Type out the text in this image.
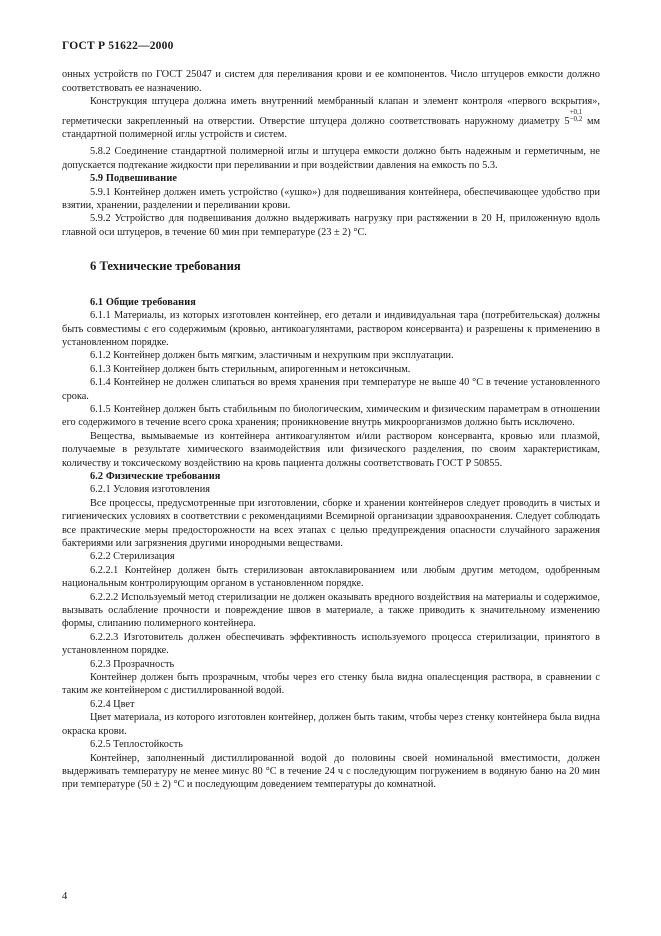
ГОСТ Р 51622—2000

онных устройств по ГОСТ 25047 и систем для переливания крови и ее компонентов. Число штуцеров емкости должно соответствовать ее назначению.

Конструкция штуцера должна иметь внутренний мембранный клапан и элемент контроля «первого вскрытия», герметически закрепленный на отверстии. Отверстие штуцера должно соответствовать наружному диаметру 5
$^{+0,1 -0,2}$ мм стандартной полимерной иглы устройств и систем.

5.8.2 Соединение стандартной полимерной иглы и штуцера емкости должно быть надежным и герметичным, не допускается подтекание жидкости при переливании и при воздействии давления на емкость по 5.3.

5.9 Подвешивание

5.9.1 Контейнер должен иметь устройство («ушко») для подвешивания контейнера, обеспечивающее удобство при взятии, хранении, разделении и переливании крови.

5.9.2 Устройство для подвешивания должно выдерживать нагрузку при растяжении в 20 Н, приложенную вдоль главной оси штуцеров, в течение 60 мин при температуре (23 ± 2) °С.

6 Технические требования

6.1 Общие требования

6.1.1 Материалы, из которых изготовлен контейнер, его детали и индивидуальная тара (потребительская) должны быть совместимы с его содержимым (кровью, антикоагулянтами, раствором консерванта) и разрешены к применению в установленном порядке.

6.1.2 Контейнер должен быть мягким, эластичным и нехрупким при эксплуатации.

6.1.3 Контейнер должен быть стерильным, апирогенным и нетоксичным.

6.1.4 Контейнер не должен слипаться во время хранения при температуре не выше 40 °С в течение установленного срока.

6.1.5 Контейнер должен быть стабильным по биологическим, химическим и физическим параметрам в отношении его содержимого в течение всего срока хранения; проникновение внутрь микроорганизмов должно быть исключено.

Вещества, вымываемые из контейнера антикоагулянтом и/или раствором консерванта, кровью или плазмой, получаемые в результате химического взаимодействия или физического разделения, по своим характеристикам, количеству и токсическому воздействию на кровь пациента должны соответствовать ГОСТ Р 50855.

6.2 Физические требования

6.2.1 Условия изготовления

Все процессы, предусмотренные при изготовлении, сборке и хранении контейнеров следует проводить в чистых и гигиенических условиях в соответствии с рекомендациями Всемирной организации здравоохранения. Следует соблюдать все практические меры предосторожности на всех этапах с целью предупреждения опасности случайного заражения бактериями или загрязнения другими инородными веществами.

6.2.2 Стерилизация

6.2.2.1 Контейнер должен быть стерилизован автоклавированием или любым другим методом, одобренным национальным контролирующим органом в установленном порядке.

6.2.2.2 Используемый метод стерилизации не должен оказывать вредного воздействия на материалы и содержимое, вызывать ослабление прочности и повреждение швов в материале, а также приводить к значительному изменению формы, слипанию полимерного контейнера.

6.2.2.3 Изготовитель должен обеспечивать эффективность используемого процесса стерилизации, принятого в установленном порядке.

6.2.3 Прозрачность

Контейнер должен быть прозрачным, чтобы через его стенку была видна опалесценция раствора, в сравнении с таким же контейнером с дистиллированной водой.

6.2.4 Цвет

Цвет материала, из которого изготовлен контейнер, должен быть таким, чтобы через стенку контейнера была видна окраска крови.

6.2.5 Теплостойкость

Контейнер, заполненный дистиллированной водой до половины своей номинальной вместимости, должен выдерживать температуру не менее минус 80 °С в течение 24 ч с последующим погружением в водяную баню на 20 мин при температуре (50 ± 2) °С и последующим доведением температуры до комнатной.

4
